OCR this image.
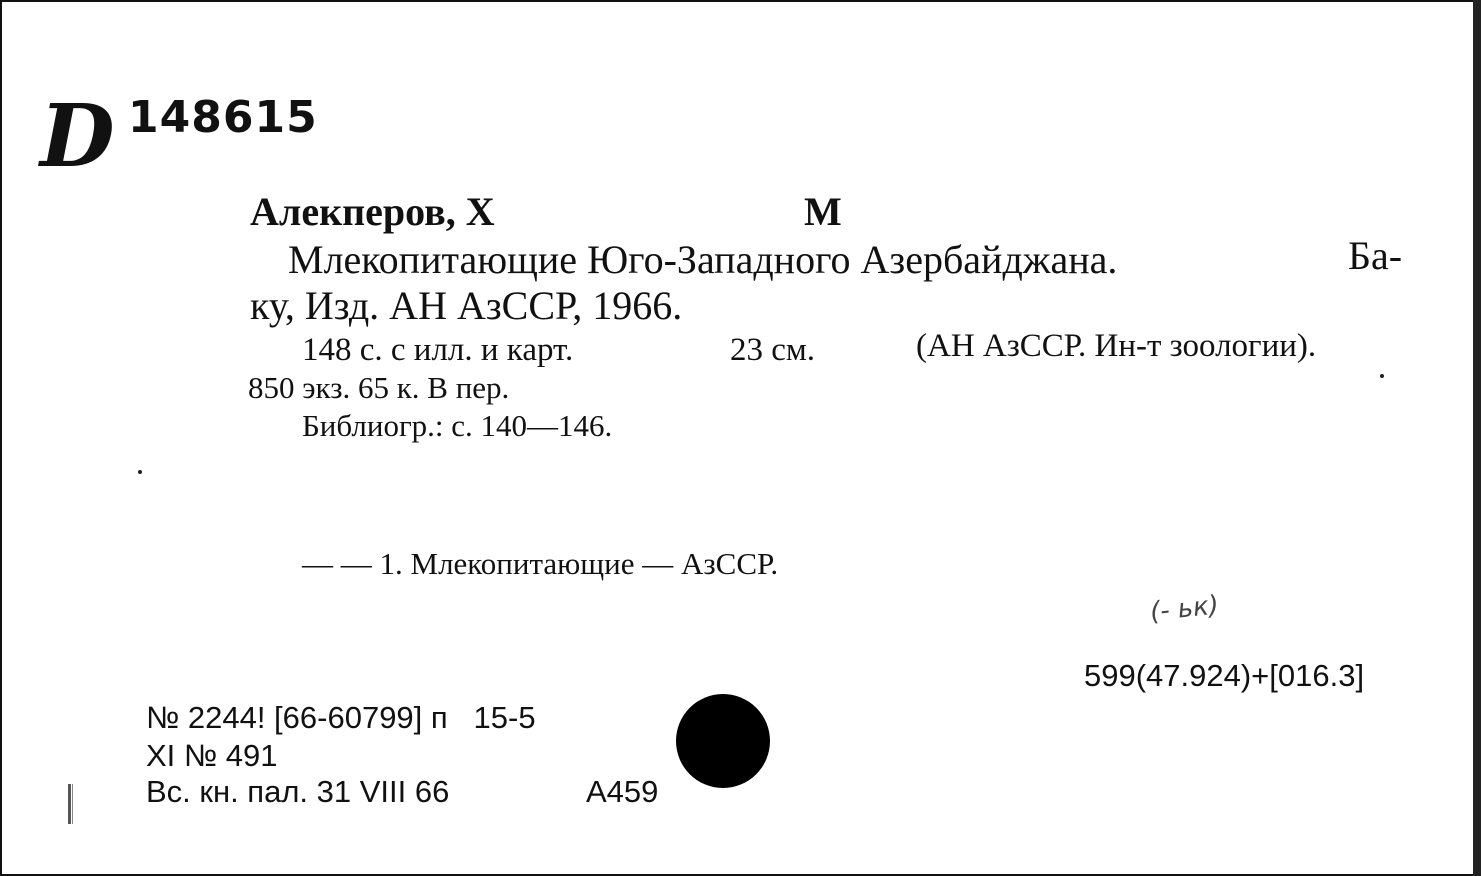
D 148615
Алекперов, Х	М
Млекопитающие Юго-Западного Азербайджана.	Ба-
ку, Изд. АН АзССР, 1966.
148 с. с илл. и карт.	23 см.	(АН АзССР. Ин-т зоологии).
850 экз. 65 к. В пер.
Библиогр.: с. 140—146.
— — 1. Млекопитающие — АзССР.
(- ьк)
599(47.924)+[016.3]
№ 2244! [66-60799] п   15-5
XI № 491
Вс. кн. пал. 31 VIII 66	А459
